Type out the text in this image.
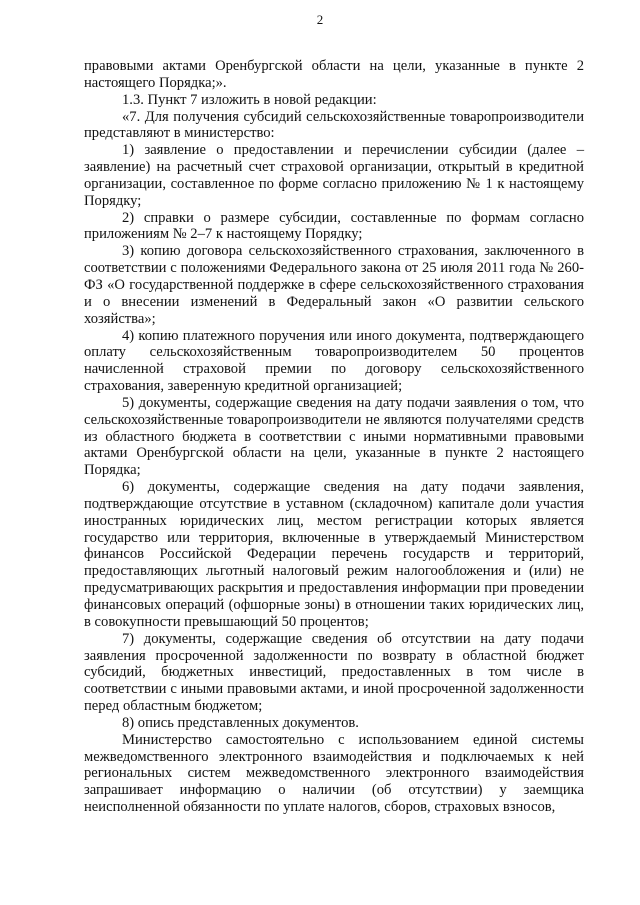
2

правовыми актами Оренбургской области на цели, указанные в пункте 2 настоящего Порядка;».

1.3. Пункт 7 изложить в новой редакции:

«7. Для получения субсидий сельскохозяйственные товаропроизводители представляют в министерство:

1) заявление о предоставлении и перечислении субсидии (далее – заявление) на расчетный счет страховой организации, открытый в кредитной организации, составленное по форме согласно приложению № 1 к настоящему Порядку;

2) справки о размере субсидии, составленные по формам согласно приложениям № 2–7 к настоящему Порядку;

3) копию договора сельскохозяйственного страхования, заключенного в соответствии с положениями Федерального закона от 25 июля 2011 года № 260-ФЗ «О государственной поддержке в сфере сельскохозяйственного страхования и о внесении изменений в Федеральный закон «О развитии сельского хозяйства»;

4) копию платежного поручения или иного документа, подтверждающего оплату сельскохозяйственным товаропроизводителем 50 процентов начисленной страховой премии по договору сельскохозяйственного страхования, заверенную кредитной организацией;

5) документы, содержащие сведения на дату подачи заявления о том, что сельскохозяйственные товаропроизводители не являются получателями средств из областного бюджета в соответствии с иными нормативными правовыми актами Оренбургской области на цели, указанные в пункте 2 настоящего Порядка;

6) документы, содержащие сведения на дату подачи заявления, подтверждающие отсутствие в уставном (складочном) капитале доли участия иностранных юридических лиц, местом регистрации которых является государство или территория, включенные в утверждаемый Министерством финансов Российской Федерации перечень государств и территорий, предоставляющих льготный налоговый режим налогообложения и (или) не предусматривающих раскрытия и предоставления информации при проведении финансовых операций (офшорные зоны) в отношении таких юридических лиц, в совокупности превышающий 50 процентов;

7) документы, содержащие сведения об отсутствии на дату подачи заявления просроченной задолженности по возврату в областной бюджет субсидий, бюджетных инвестиций, предоставленных в том числе в соответствии с иными правовыми актами, и иной просроченной задолженности перед областным бюджетом;

8) опись представленных документов.

Министерство самостоятельно с использованием единой системы межведомственного электронного взаимодействия и подключаемых к ней региональных систем межведомственного электронного взаимодействия запрашивает информацию о наличии (об отсутствии) у заемщика неисполненной обязанности по уплате налогов, сборов, страховых взносов,
